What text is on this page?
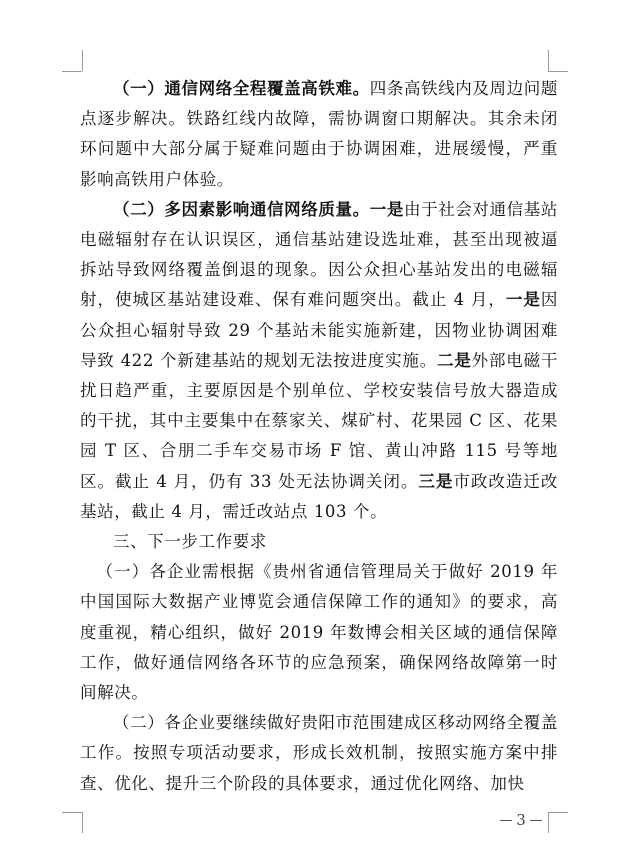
（一）通信网络全程覆盖高铁难。四条高铁线内及周边问题点逐步解决。铁路红线内故障，需协调窗口期解决。其余未闭环问题中大部分属于疑难问题由于协调困难，进展缓慢，严重影响高铁用户体验。

（二）多因素影响通信网络质量。一是由于社会对通信基站电磁辐射存在认识误区，通信基站建设选址难，甚至出现被逼拆站导致网络覆盖倒退的现象。因公众担心基站发出的电磁辐射，使城区基站建设难、保有难问题突出。截止 4 月，一是因公众担心辐射导致 29 个基站未能实施新建，因物业协调困难导致 422 个新建基站的规划无法按进度实施。二是外部电磁干扰日趋严重，主要原因是个别单位、学校安装信号放大器造成的干扰，其中主要集中在蔡家关、煤矿村、花果园 C 区、花果园 T 区、合朋二手车交易市场 F 馆、黄山冲路 115 号等地区。截止 4 月，仍有 33 处无法协调关闭。三是市政改造迁改基站，截止 4 月，需迁改站点 103 个。

三、下一步工作要求

（一）各企业需根据《贵州省通信管理局关于做好 2019 年中国国际大数据产业博览会通信保障工作的通知》的要求，高度重视，精心组织，做好 2019 年数博会相关区域的通信保障工作，做好通信网络各环节的应急预案，确保网络故障第一时间解决。

（二）各企业要继续做好贵阳市范围建成区移动网络全覆盖工作。按照专项活动要求，形成长效机制，按照实施方案中排查、优化、提升三个阶段的具体要求，通过优化网络、加快

3
